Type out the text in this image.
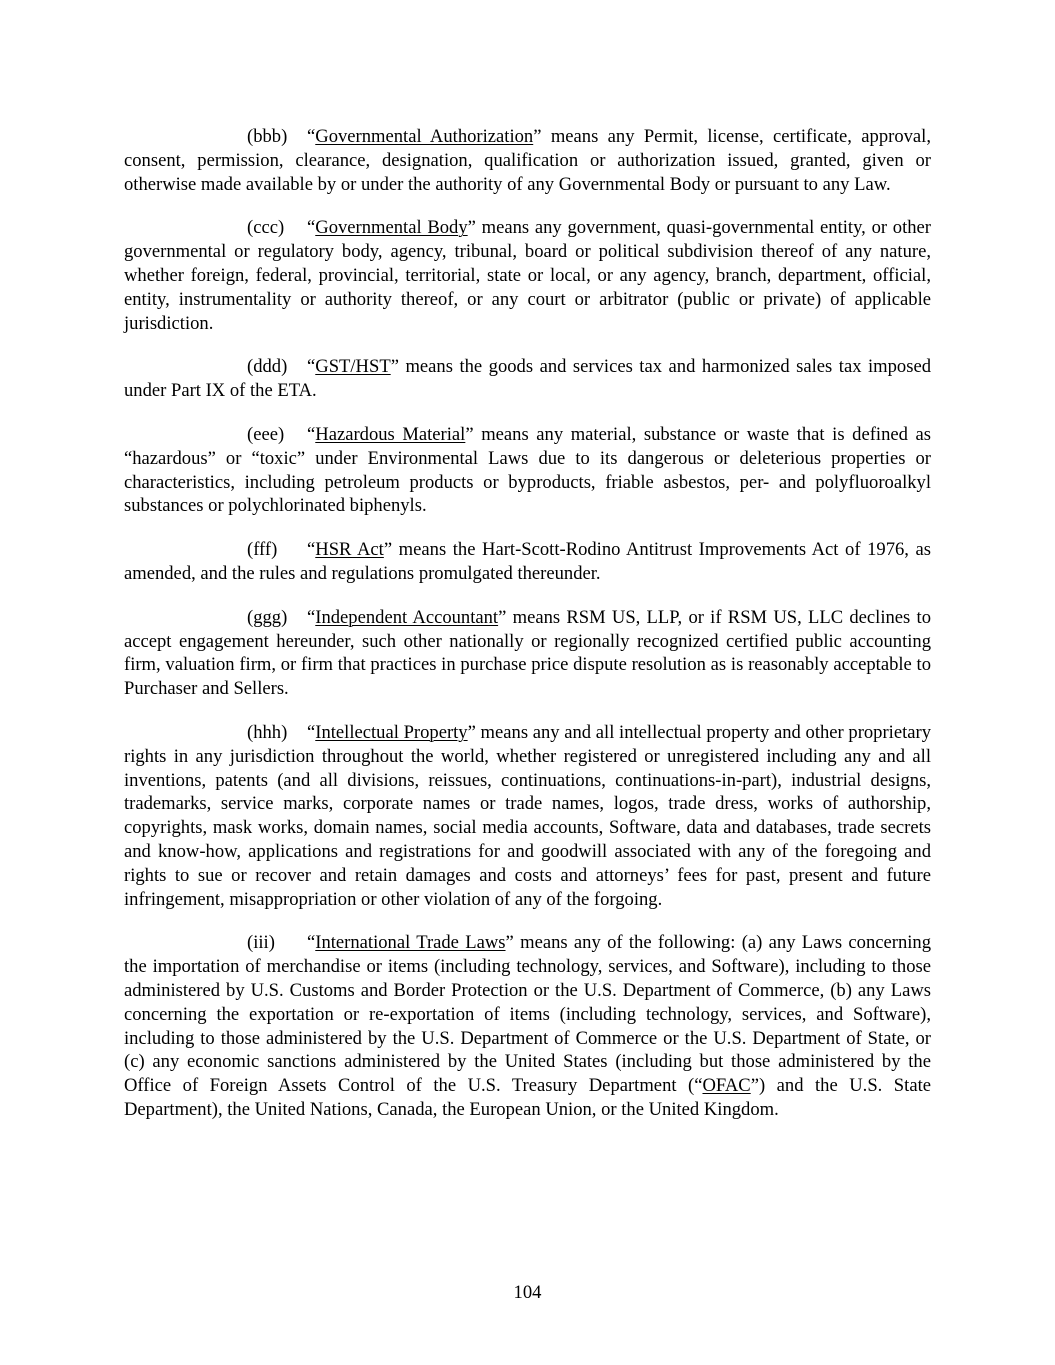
(bbb) “Governmental Authorization” means any Permit, license, certificate, approval, consent, permission, clearance, designation, qualification or authorization issued, granted, given or otherwise made available by or under the authority of any Governmental Body or pursuant to any Law.

(ccc) “Governmental Body” means any government, quasi-governmental entity, or other governmental or regulatory body, agency, tribunal, board or political subdivision thereof of any nature, whether foreign, federal, provincial, territorial, state or local, or any agency, branch, department, official, entity, instrumentality or authority thereof, or any court or arbitrator (public or private) of applicable jurisdiction.

(ddd) “GST/HST” means the goods and services tax and harmonized sales tax imposed under Part IX of the ETA.

(eee) “Hazardous Material” means any material, substance or waste that is defined as “hazardous” or “toxic” under Environmental Laws due to its dangerous or deleterious properties or characteristics, including petroleum products or byproducts, friable asbestos, per- and polyfluoroalkyl substances or polychlorinated biphenyls.

(fff) “HSR Act” means the Hart-Scott-Rodino Antitrust Improvements Act of 1976, as amended, and the rules and regulations promulgated thereunder.

(ggg) “Independent Accountant” means RSM US, LLP, or if RSM US, LLC declines to accept engagement hereunder, such other nationally or regionally recognized certified public accounting firm, valuation firm, or firm that practices in purchase price dispute resolution as is reasonably acceptable to Purchaser and Sellers.

(hhh) “Intellectual Property” means any and all intellectual property and other proprietary rights in any jurisdiction throughout the world, whether registered or unregistered including any and all inventions, patents (and all divisions, reissues, continuations, continuations-in-part), industrial designs, trademarks, service marks, corporate names or trade names, logos, trade dress, works of authorship, copyrights, mask works, domain names, social media accounts, Software, data and databases, trade secrets and know-how, applications and registrations for and goodwill associated with any of the foregoing and rights to sue or recover and retain damages and costs and attorneys’ fees for past, present and future infringement, misappropriation or other violation of any of the forgoing.

(iii) “International Trade Laws” means any of the following: (a) any Laws concerning the importation of merchandise or items (including technology, services, and Software), including to those administered by U.S. Customs and Border Protection or the U.S. Department of Commerce, (b) any Laws concerning the exportation or re-exportation of items (including technology, services, and Software), including to those administered by the U.S. Department of Commerce or the U.S. Department of State, or (c) any economic sanctions administered by the United States (including but those administered by the Office of Foreign Assets Control of the U.S. Treasury Department (“OFAC”) and the U.S. State Department), the United Nations, Canada, the European Union, or the United Kingdom.

104
